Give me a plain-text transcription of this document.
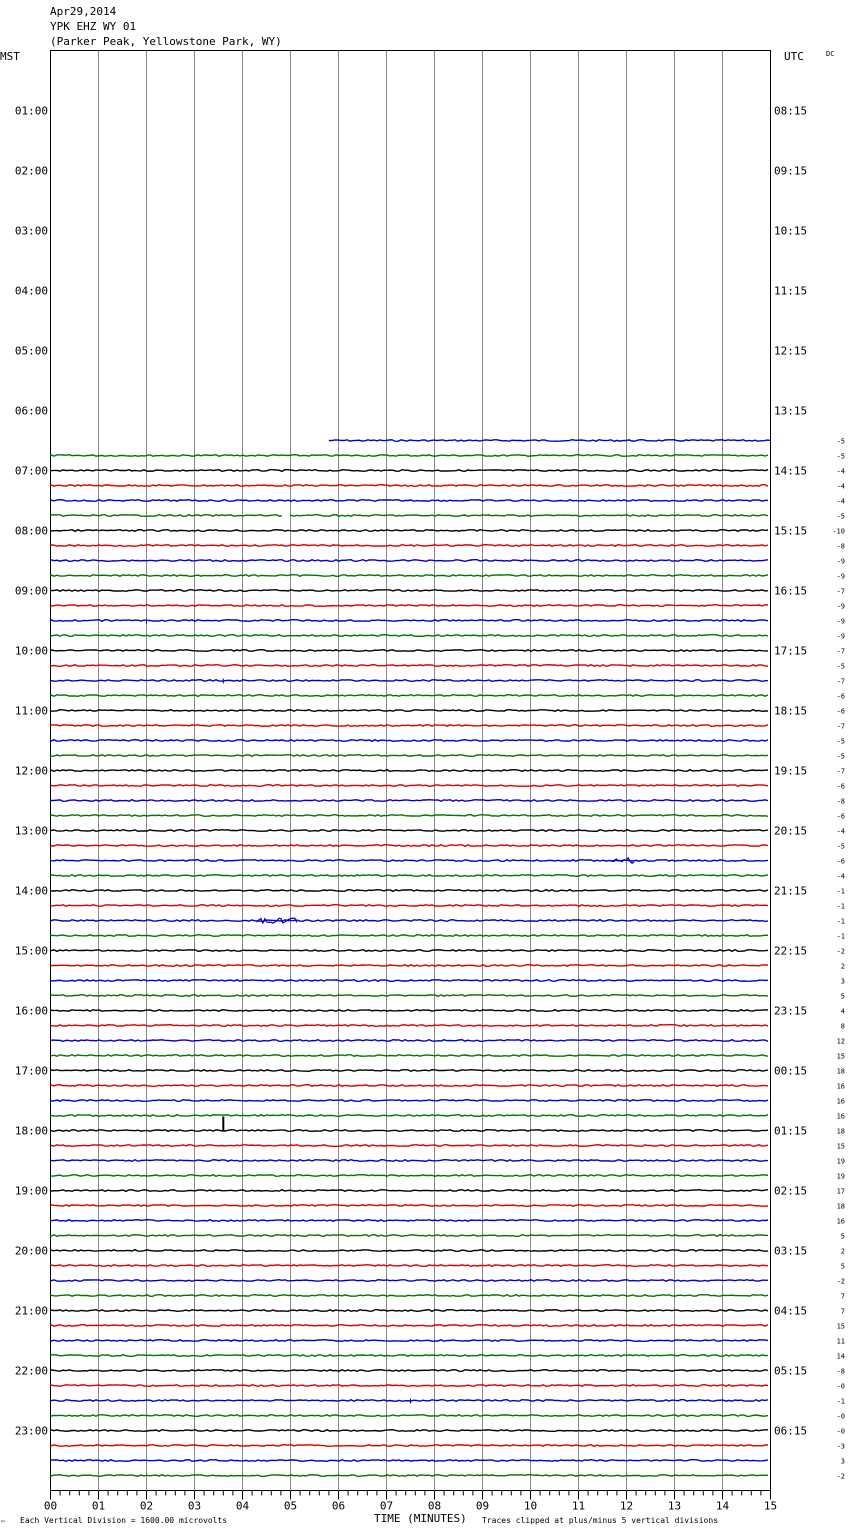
Apr29,2014
YPK EHZ WY 01
(Parker Peak, Yellowstone Park, WY)
01:00
02:00
03:00
04:00
05:00
06:00
07:00
08:00
09:00
10:00
11:00
12:00
13:00
14:00
15:00
16:00
17:00
18:00
19:00
20:00
21:00
22:00
23:00
08:15
09:15
10:15
11:15
12:15
13:15
14:15
15:15
16:15
17:15
18:15
19:15
20:15
21:15
22:15
23:15
00:15
01:15
02:15
03:15
04:15
05:15
06:15
-5
-5
-4
-4
-4
-5
-10
-8
-9
-9
-7
-9
-9
-9
-7
-5
-7
-6
-6
-7
-5
-5
-7
-6
-8
-6
-4
-5
-6
-4
-1
-1
-1
-1
-2
2
3
5
4
8
12
15
18
16
16
16
18
15
19
19
17
18
16
5
2
5
-2
7
7
15
11
14
-8
-0
-1
-0
-0
-3
3
-2
00	01	02	03	04	05	06	07	08	09	10	11	12	13	14	15
MST	UTC	DC
TIME (MINUTES)
™ Each Vertical Division = 1600.00 microvolts	Traces clipped at plus/minus 5 vertical divisions
